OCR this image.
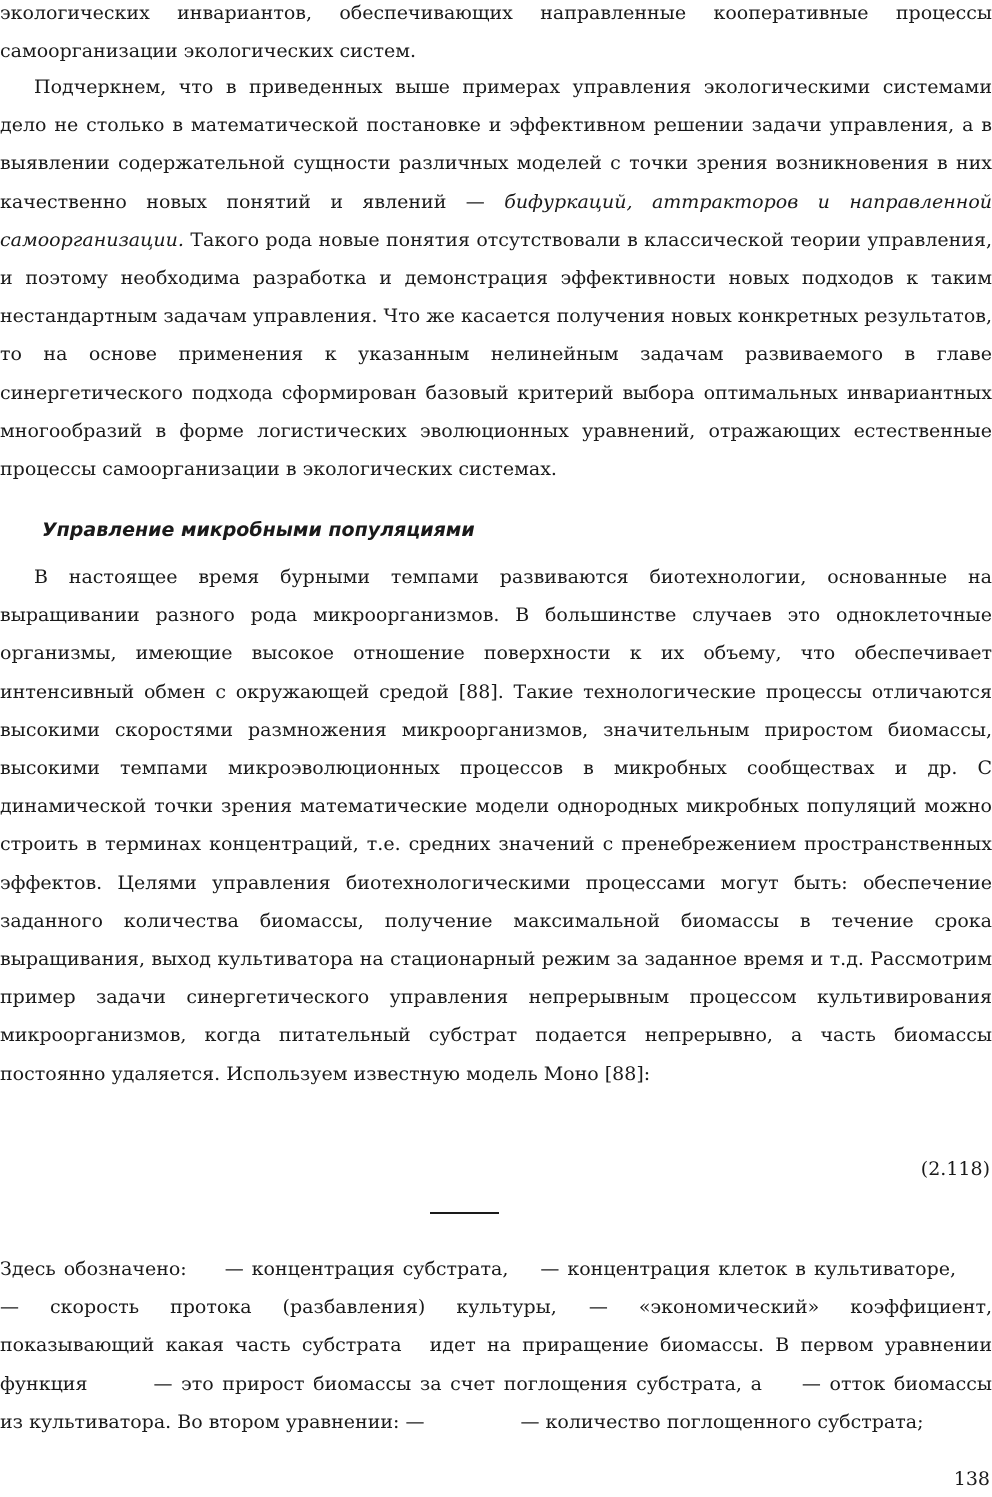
экологических инвариантов, обеспечивающих направленные кооперативные процессы самоорганизации экологических систем.

Подчеркнем, что в приведенных выше примерах управления экологическими системами дело не столько в математической постановке и эффективном решении задачи управления, а в выявлении содержательной сущности различных моделей с точки зрения возникновения в них качественно новых понятий и явлений — бифуркаций, аттракторов и направленной самоорганизации. Такого рода новые понятия отсутствовали в классической теории управления, и поэтому необходима разработка и демонстрация эффективности новых подходов к таким нестандартным задачам управления. Что же касается получения новых конкретных результатов, то на основе применения к указанным нелинейным задачам развиваемого в главе синергетического подхода сформирован базовый критерий выбора оптимальных инвариантных многообразий в форме логистических эволюционных уравнений, отражающих естественные процессы самоорганизации в экологических системах.

Управление микробными популяциями

В настоящее время бурными темпами развиваются биотехнологии, основанные на выращивании разного рода микроорганизмов. В большинстве случаев это одноклеточные организмы, имеющие высокое отношение поверхности к их объему, что обеспечивает интенсивный обмен с окружающей средой [88]. Такие технологические процессы отличаются высокими скоростями размножения микроорганизмов, значительным приростом биомассы, высокими темпами микроэволюционных процессов в микробных сообществах и др. С динамической точки зрения математические модели однородных микробных популяций можно строить в терминах концентраций, т.е. средних значений с пренебрежением пространственных эффектов. Целями управления биотехнологическими процессами могут быть: обеспечение заданного количества биомассы, получение максимальной биомассы в течение срока выращивания, выход культиватора на стационарный режим за заданное время и т.д. Рассмотрим пример задачи синергетического управления непрерывным процессом культивирования микроорганизмов, когда питательный субстрат подается непрерывно, а часть биомассы постоянно удаляется. Используем известную модель Моно [88]:

(2.118)

Здесь обозначено: — концентрация субстрата, — концентрация клеток в культиваторе, — скорость протока (разбавления) культуры, — «экономический» коэффициент, показывающий какая часть субстрата идет на приращение биомассы. В первом уравнении функция	— это прирост биомассы за счет поглощения субстрата, а — отток биомассы из культиватора. Во втором уравнении: —	— количество поглощенного субстрата;

138
